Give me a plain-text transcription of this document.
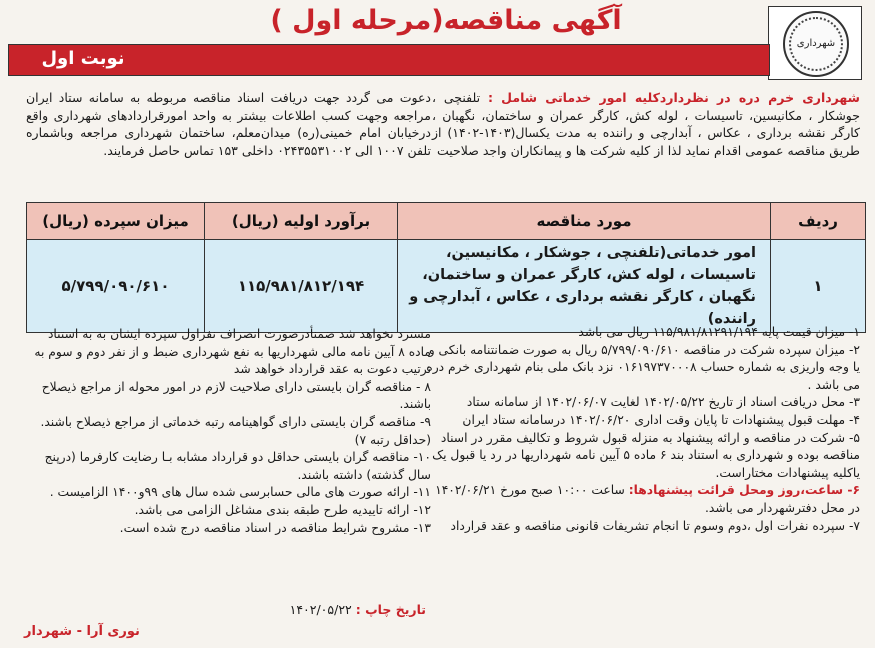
شهرداری
آگهی مناقصه(مرحله اول )
نوبت اول
شهرداری خرم دره در نظرداردکلیه امور خدماتی شامل : تلفنچی ، جوشکار ، مکانیسین، تاسیسات ، لوله کش، کارگر عمران و ساختمان، نگهبان ، کارگر نقشه برداری ، عکاس ، آبدارچی و راننده به مدت یکسال(۱۴۰۳-۱۴۰۲) از طریق مناقصه عمومی اقدام نماید لذا از کلیه شرکت ها و پیمانکاران واجد صلاحیت
دعوت می گردد جهت دریافت اسناد مناقصه مربوطه به سامانه ستاد ایران مراجعه وجهت کسب اطلاعات بیشتر به واحد امورقراردادهای شهرداری واقع درخیابان امام خمینی(ره) میدان‌معلم، ساختمان شهرداری مراجعه وباشماره تلفن ۱۰۰۷ الی ۰۲۴۳۵۵۳۱۰۰۲ داخلی ۱۵۳ تماس حاصل فرمایند.
ردیف	مورد مناقصه	برآورد اولیه (ریال)	میزان سپرده (ریال)
۱	امور خدماتی(تلفنچی ، جوشکار ، مکانیسین، تاسیسات ، لوله کش، کارگر عمران و ساختمان، نگهبان ، کارگر نقشه برداری ، عکاس ، آبدارچی و راننده)	۱۱۵/۹۸۱/۸۱۲/۱۹۴	۵/۷۹۹/۰۹۰/۶۱۰

۱- میزان قیمت پایه ۱۱۵/۹۸۱/۸۱۲۹۱/۱۹۴ ریال می باشد

۲- میزان سپرده شرکت در مناقصه ۵/۷۹۹/۰۹۰/۶۱۰ ریال به صورت ضمانتنامه بانکی و یا وجه واریزی به شماره حساب ۰۱۶۱۹۷۳۷۰۰۰۸ نزد بانک ملی بنام شهرداری خرم دره می باشد .

۳- محل دریافت اسناد از تاریخ ۱۴۰۲/۰۵/۲۲ لغایت ۱۴۰۲/۰۶/۰۷ از سامانه ستاد

۴- مهلت قبول پیشنهادات تا پایان وقت اداری ۱۴۰۲/۰۶/۲۰ درسامانه ستاد ایران

۵- شرکت در مناقصه و ارائه پیشنهاد به منزله قبول شروط و تکالیف مقرر در اسناد مناقصه بوده و شهرداری به استناد بند ۶ ماده ۵ آیین نامه شهرداریها در رد یا قبول یک یاکلیه پیشنهادات مختاراست.

۶- ساعت،روز ومحل قرائت پیشنهادها: ساعت ۱۰:۰۰ صبح مورخ ۱۴۰۲/۰۶/۲۱ در محل دفترشهردار می باشد.

۷- سپرده نفرات اول ،دوم وسوم تا انجام تشریفات قانونی مناقصه و عقد قرارداد

مسترد نخواهد شد ضمنأدرصورت انصراف نفراول سپرده ایشان به به استناد ماده ۸ آیین نامه مالی شهرداریها به نفع شهرداری ضبط و از نفر دوم و سوم به ترتیب دعوت به عقد قرارداد خواهد شد

۸ - مناقصه گران بایستی دارای صلاحیت لازم در امور محوله از مراجع ذیصلاح باشند.

۹- مناقصه گران بایستی دارای گواهینامه رتبه خدماتی از مراجع ذیصلاح باشند. (حداقل رتبه ۷)

۱۰- مناقصه گران بایستی حداقل دو قرارداد مشابه بـا رضایت کارفرما (درپنج سال گذشته) داشته باشند.

۱۱- ارائه صورت های مالی حسابرسی شده سال های ۹۹و۱۴۰۰ الزامیست .

۱۲- ارائه تاییدیه طرح طبقه بندی مشاغل الزامی می باشد.

۱۳- مشروح شرایط مناقصه در اسناد مناقصه درج شده است.

تاریخ چاپ : ۱۴۰۲/۰۵/۲۲
نوری آرا - شهردار
